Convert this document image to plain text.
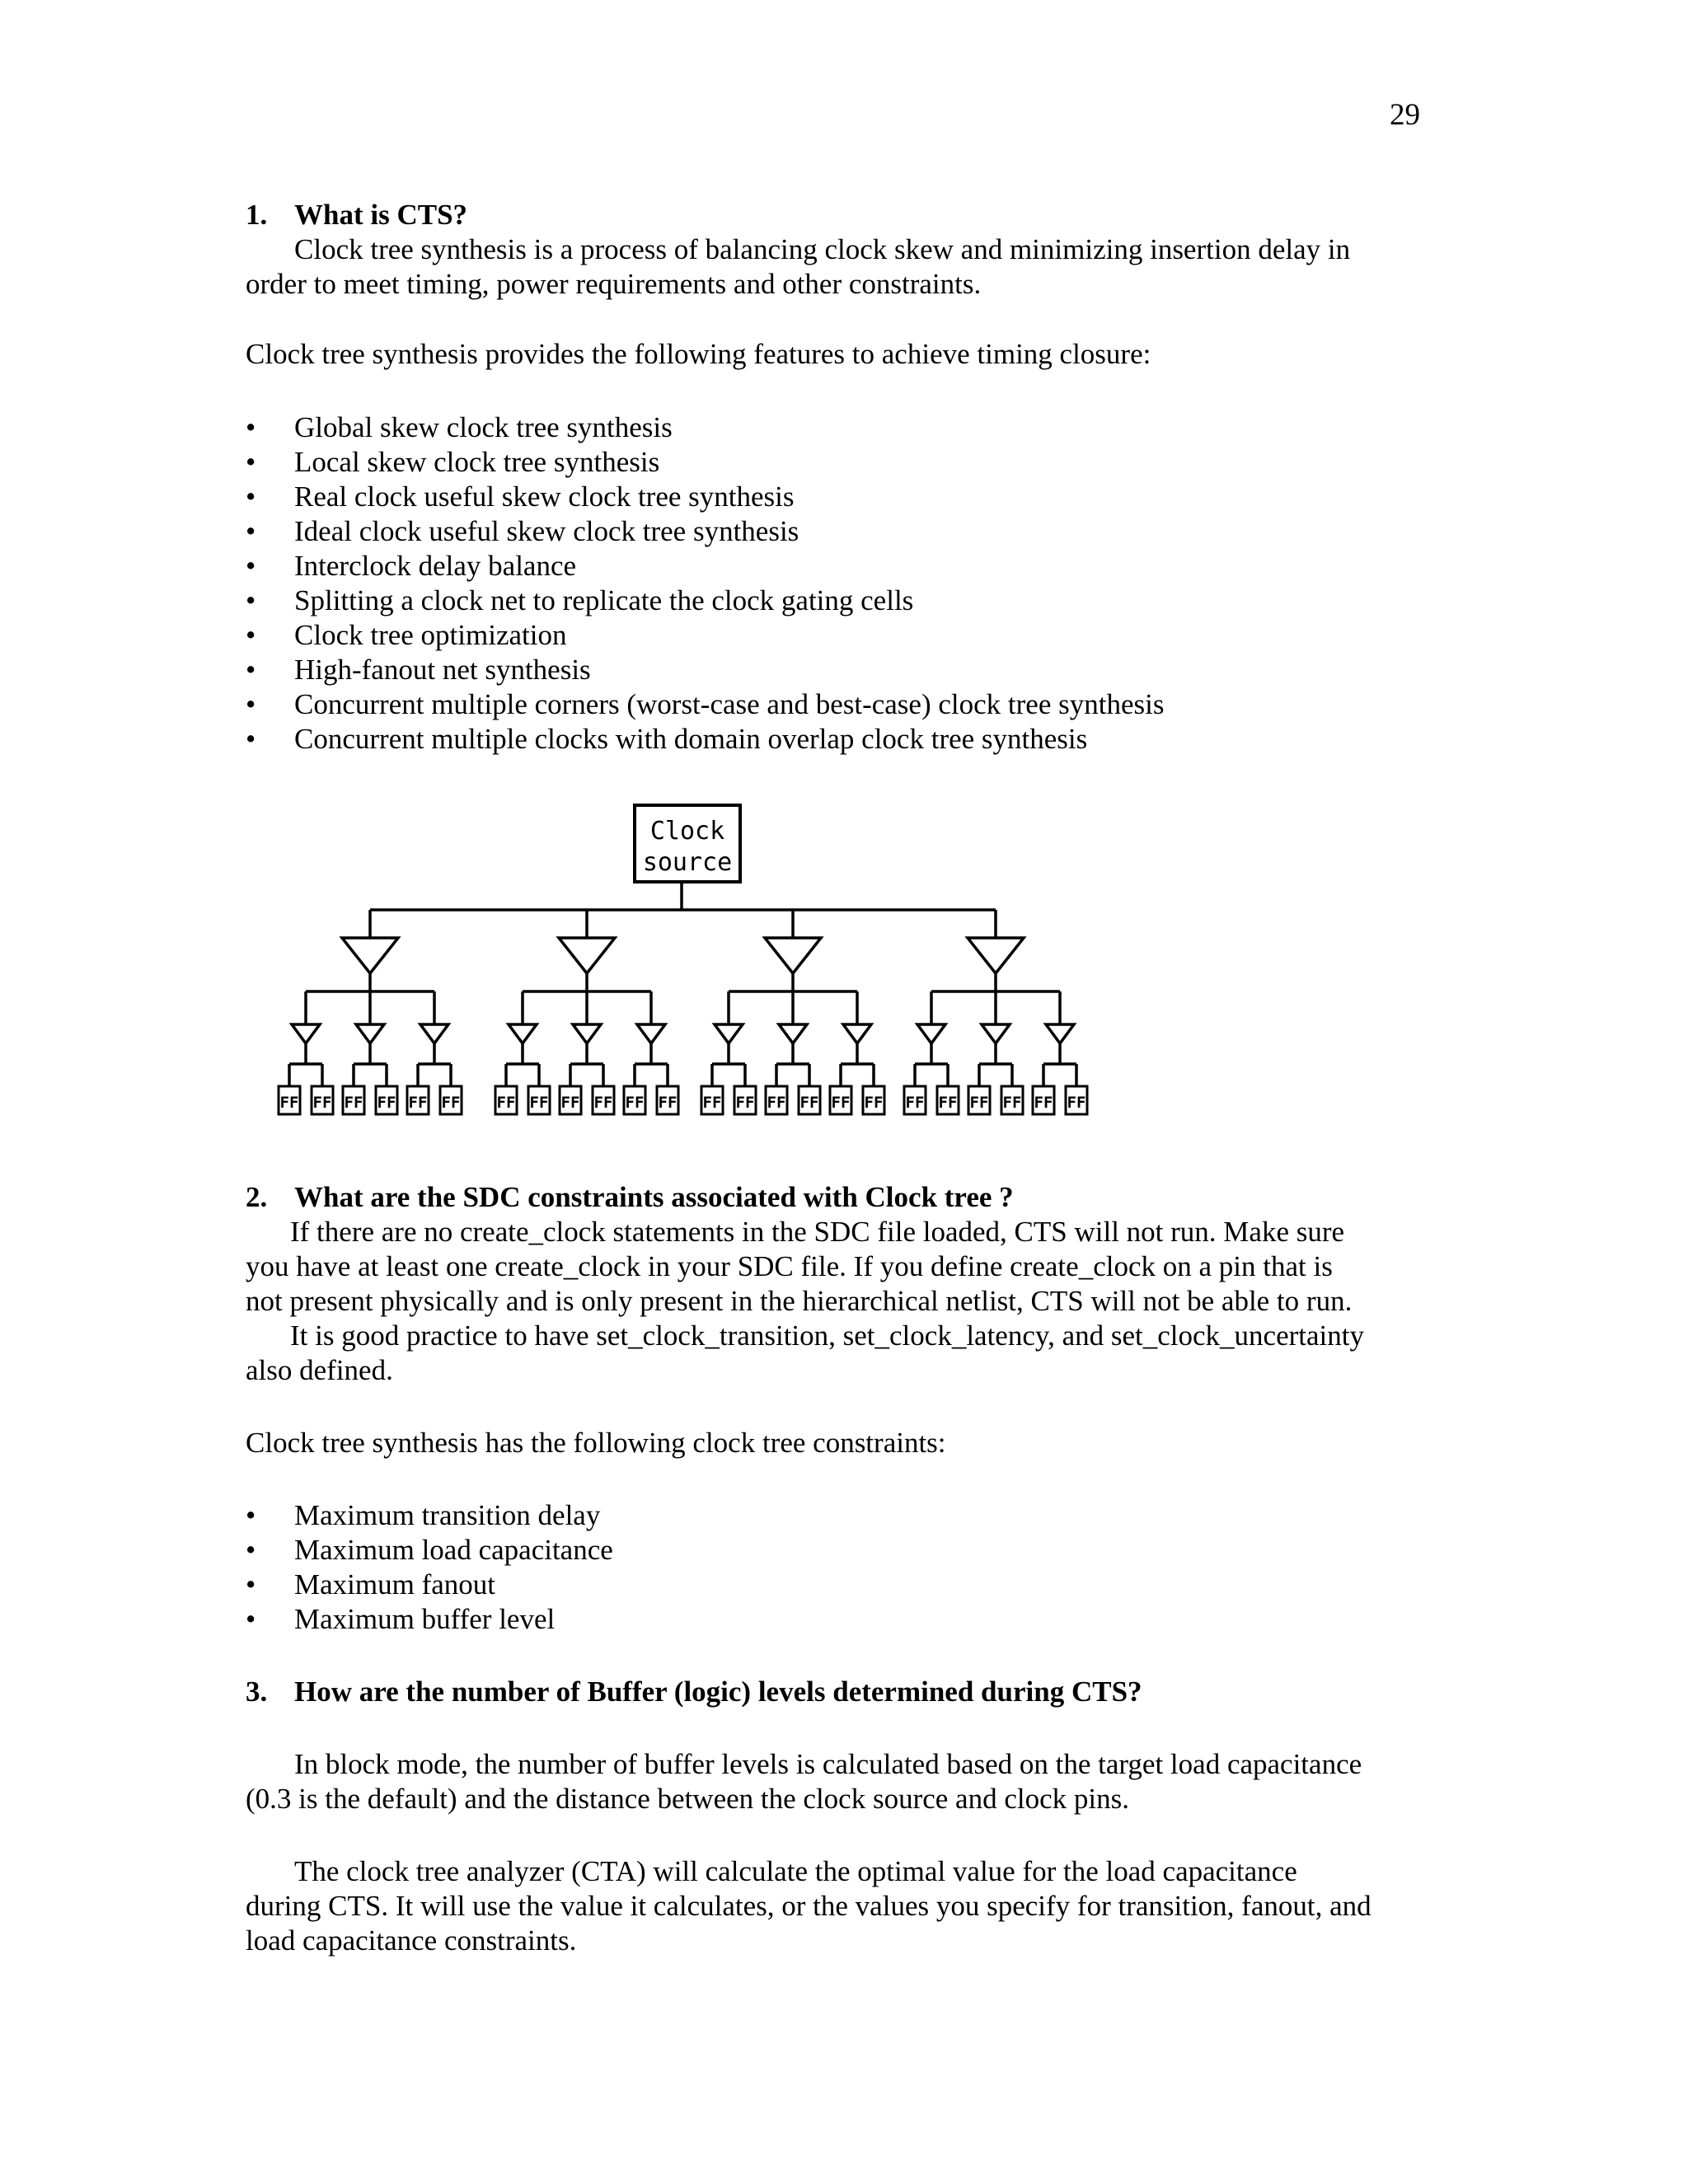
29
1. What is CTS?
Clock tree synthesis is a process of balancing clock skew and minimizing insertion delay in
order to meet timing, power requirements and other constraints.
Clock tree synthesis provides the following features to achieve timing closure:
• Global skew clock tree synthesis
• Local skew clock tree synthesis
• Real clock useful skew clock tree synthesis
• Ideal clock useful skew clock tree synthesis
• Interclock delay balance
• Splitting a clock net to replicate the clock gating cells
• Clock tree optimization
• High-fanout net synthesis
• Concurrent multiple corners (worst-case and best-case) clock tree synthesis
• Concurrent multiple clocks with domain overlap clock tree synthesis
Clock
source
FF FF FF FF FF FF FF FF FF FF FF FF FF FF FF FF FF FF FF FF FF FF FF FF
2. What are the SDC constraints associated with Clock tree ?
If there are no create_clock statements in the SDC file loaded, CTS will not run. Make sure
you have at least one create_clock in your SDC file. If you define create_clock on a pin that is
not present physically and is only present in the hierarchical netlist, CTS will not be able to run.
It is good practice to have set_clock_transition, set_clock_latency, and set_clock_uncertainty
also defined.
Clock tree synthesis has the following clock tree constraints:
• Maximum transition delay
• Maximum load capacitance
• Maximum fanout
• Maximum buffer level
3. How are the number of Buffer (logic) levels determined during CTS?
In block mode, the number of buffer levels is calculated based on the target load capacitance
(0.3 is the default) and the distance between the clock source and clock pins.
The clock tree analyzer (CTA) will calculate the optimal value for the load capacitance
during CTS. It will use the value it calculates, or the values you specify for transition, fanout, and
load capacitance constraints.
